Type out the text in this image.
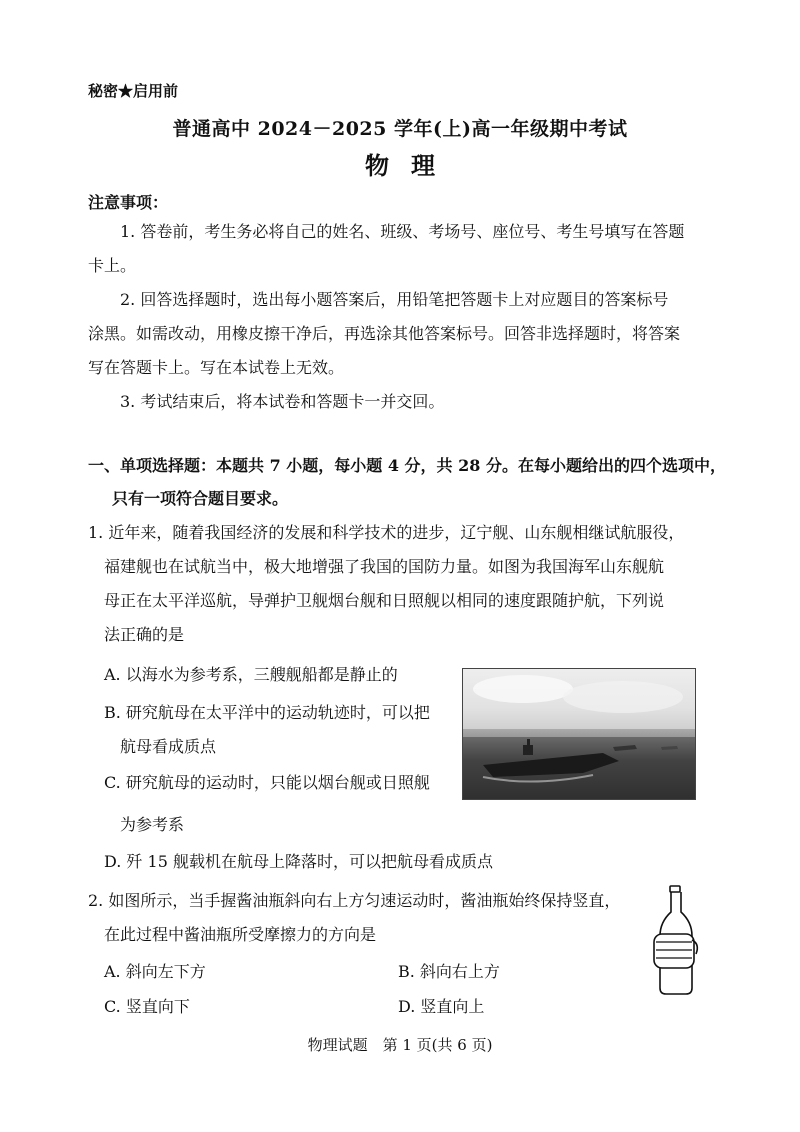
秘密★启用前
普通高中 2024－2025 学年(上)高一年级期中考试
物理
注意事项：
1. 答卷前，考生务必将自己的姓名、班级、考场号、座位号、考生号填写在答题
卡上。
2. 回答选择题时，选出每小题答案后，用铅笔把答题卡上对应题目的答案标号
涂黑。如需改动，用橡皮擦干净后，再选涂其他答案标号。回答非选择题时，将答案
写在答题卡上。写在本试卷上无效。
3. 考试结束后，将本试卷和答题卡一并交回。
一、单项选择题：本题共 7 小题，每小题 4 分，共 28 分。在每小题给出的四个选项中，
只有一项符合题目要求。
1. 近年来，随着我国经济的发展和科学技术的进步，辽宁舰、山东舰相继试航服役，
福建舰也在试航当中，极大地增强了我国的国防力量。如图为我国海军山东舰航
母正在太平洋巡航，导弹护卫舰烟台舰和日照舰以相同的速度跟随护航，下列说
法正确的是
A. 以海水为参考系，三艘舰船都是静止的
B. 研究航母在太平洋中的运动轨迹时，可以把
航母看成质点
C. 研究航母的运动时，只能以烟台舰或日照舰
为参考系
D. 歼 15 舰载机在航母上降落时，可以把航母看成质点
2. 如图所示，当手握酱油瓶斜向右上方匀速运动时，酱油瓶始终保持竖直，
在此过程中酱油瓶所受摩擦力的方向是
A. 斜向左下方	B. 斜向右上方
C. 竖直向下	D. 竖直向上
物理试题　第 1 页(共 6 页)
